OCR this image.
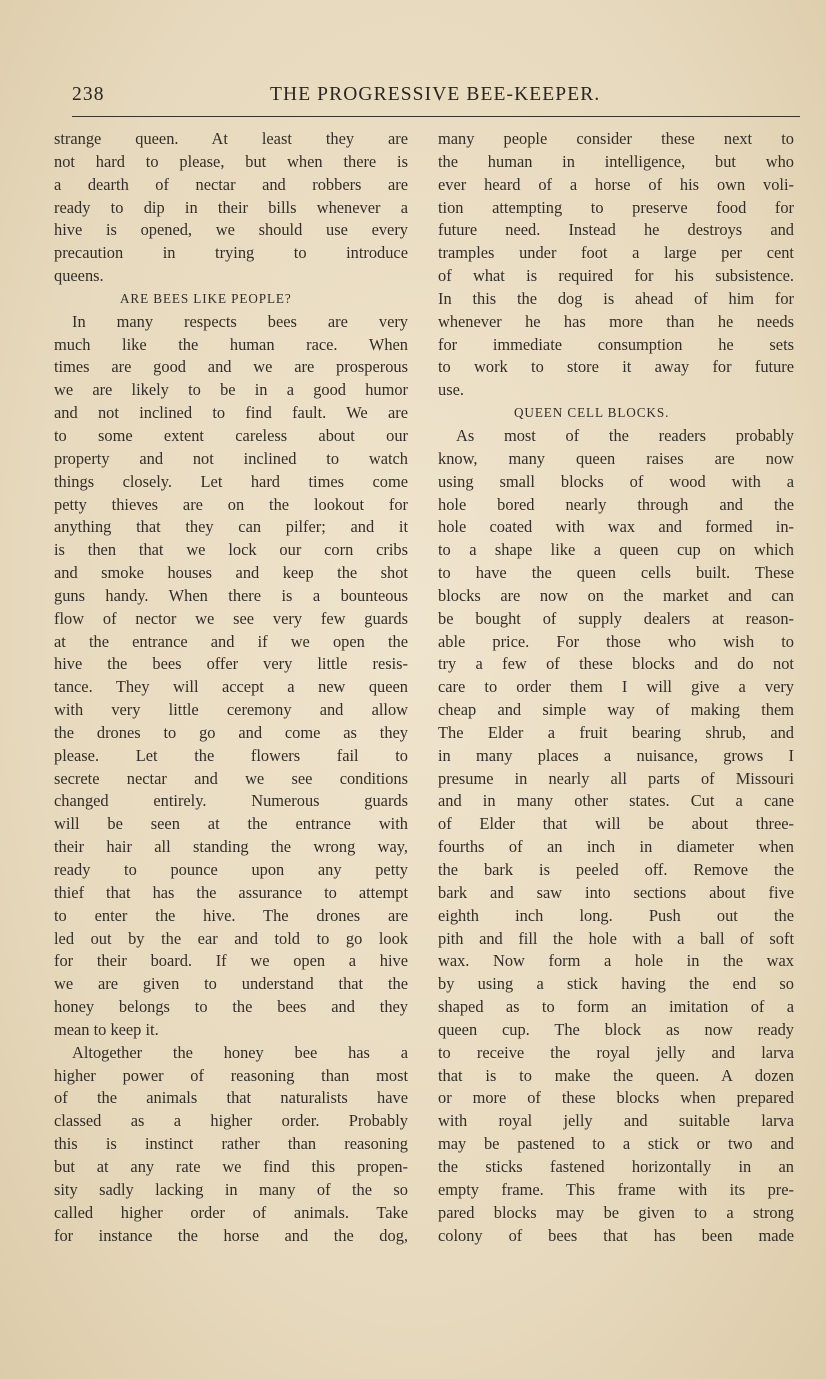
238	THE PROGRESSIVE BEE-KEEPER.
strange queen. At least they are
not hard to please, but when there is
a dearth of nectar and robbers are
ready to dip in their bills whenever a
hive is opened, we should use every
precaution in trying to introduce
queens.
ARE BEES LIKE PEOPLE?
In many respects bees are very
much like the human race. When
times are good and we are prosperous
we are likely to be in a good humor
and not inclined to find fault. We are
to some extent careless about our
property and not inclined to watch
things closely. Let hard times come
petty thieves are on the lookout for
anything that they can pilfer; and it
is then that we lock our corn cribs
and smoke houses and keep the shot
guns handy. When there is a bounteous
flow of nector we see very few guards
at the entrance and if we open the
hive the bees offer very little resis-
tance. They will accept a new queen
with very little ceremony and allow
the drones to go and come as they
please. Let the flowers fail to
secrete nectar and we see conditions
changed entirely. Numerous guards
will be seen at the entrance with
their hair all standing the wrong way,
ready to pounce upon any petty
thief that has the assurance to attempt
to enter the hive. The drones are
led out by the ear and told to go look
for their board. If we open a hive
we are given to understand that the
honey belongs to the bees and they
mean to keep it.
Altogether the honey bee has a
higher power of reasoning than most
of the animals that naturalists have
classed as a higher order. Probably
this is instinct rather than reasoning
but at any rate we find this propen-
sity sadly lacking in many of the so
called higher order of animals. Take
for instance the horse and the dog,
many people consider these next to
the human in intelligence, but who
ever heard of a horse of his own voli-
tion attempting to preserve food for
future need. Instead he destroys and
tramples under foot a large per cent
of what is required for his subsistence.
In this the dog is ahead of him for
whenever he has more than he needs
for immediate consumption he sets
to work to store it away for future
use.
QUEEN CELL BLOCKS.
As most of the readers probably
know, many queen raises are now
using small blocks of wood with a
hole bored nearly through and the
hole coated with wax and formed in-
to a shape like a queen cup on which
to have the queen cells built. These
blocks are now on the market and can
be bought of supply dealers at reason-
able price. For those who wish to
try a few of these blocks and do not
care to order them I will give a very
cheap and simple way of making them
The Elder a fruit bearing shrub, and
in many places a nuisance, grows I
presume in nearly all parts of Missouri
and in many other states. Cut a cane
of Elder that will be about three-
fourths of an inch in diameter when
the bark is peeled off. Remove the
bark and saw into sections about five
eighth inch long. Push out the
pith and fill the hole with a ball of soft
wax. Now form a hole in the wax
by using a stick having the end so
shaped as to form an imitation of a
queen cup. The block as now ready
to receive the royal jelly and larva
that is to make the queen. A dozen
or more of these blocks when prepared
with royal jelly and suitable larva
may be pastened to a stick or two and
the sticks fastened horizontally in an
empty frame. This frame with its pre-
pared blocks may be given to a strong
colony of bees that has been made
